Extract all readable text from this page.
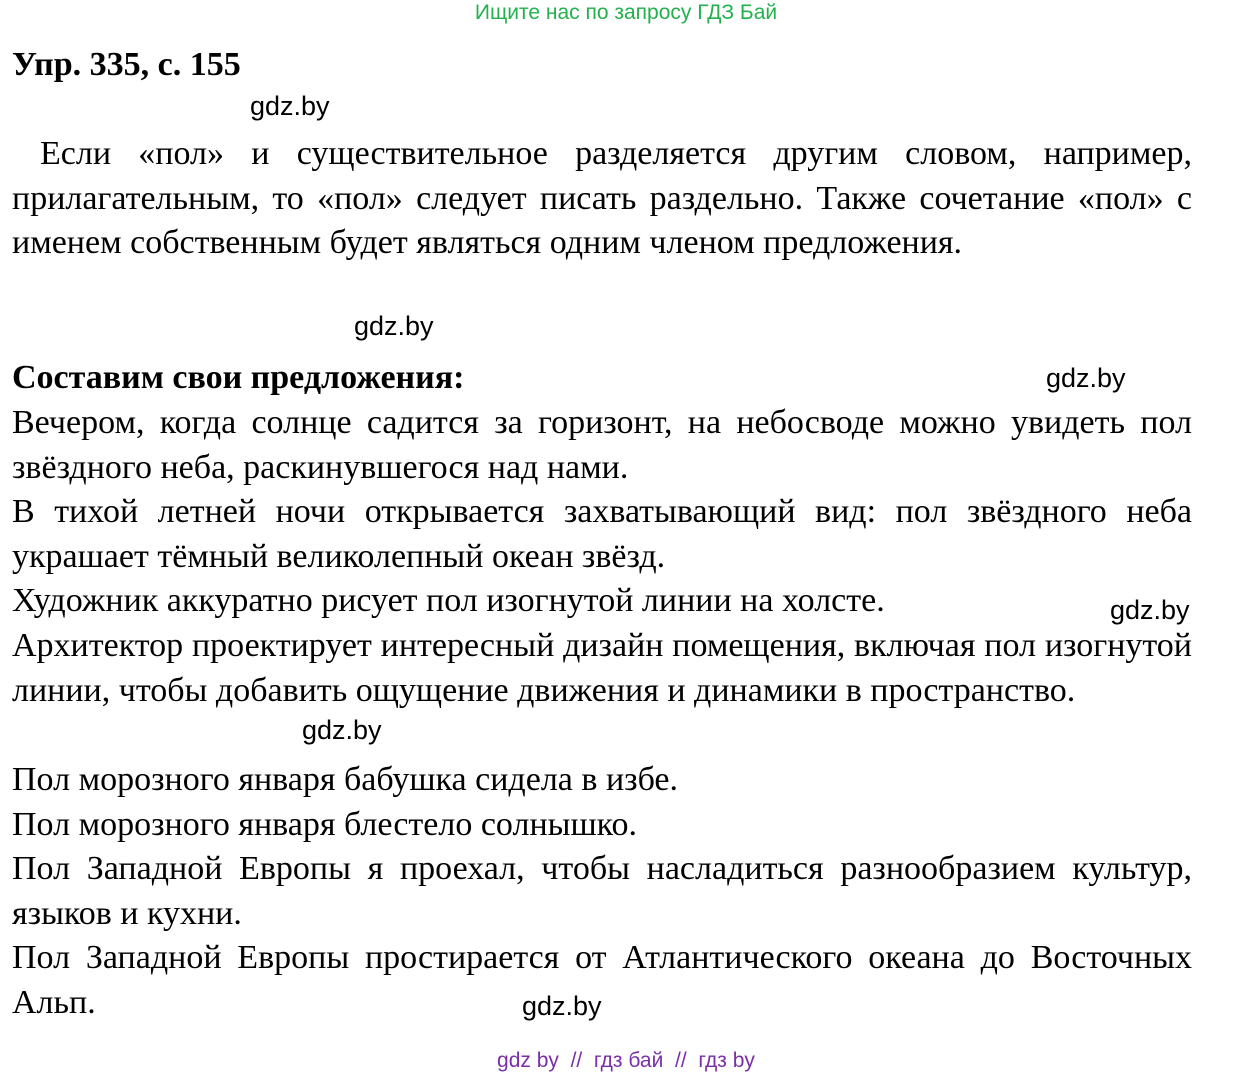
Ищите нас по запросу ГДЗ Бай
Упр. 335, с. 155
gdz.by

Если «пол» и существительное разделяется другим словом, например, прилагательным, то «пол» следует писать раздельно. Также сочетание «пол» с именем собственным будет являться одним членом предложения.

gdz.by
Составим свои предложения:	gdz.by

Вечером, когда солнце садится за горизонт, на небосводе можно увидеть пол звёздного неба, раскинувшегося над нами.

В тихой летней ночи открывается захватывающий вид: пол звёздного неба украшает тёмный великолепный океан звёзд.

Художник аккуратно рисует пол изогнутой линии на холсте.	gdz.by

Архитектор проектирует интересный дизайн помещения, включая пол изогнутой линии, чтобы добавить ощущение движения и динамики в пространство.

gdz.by

Пол морозного января бабушка сидела в избе.

Пол морозного января блестело солнышко.

Пол Западной Европы я проехал, чтобы насладиться разнообразием культур, языков и кухни.

Пол Западной Европы простирается от Атлантического океана до Восточных Альп.	gdz.by
gdz by  //  гдз бай  //  гдз by
